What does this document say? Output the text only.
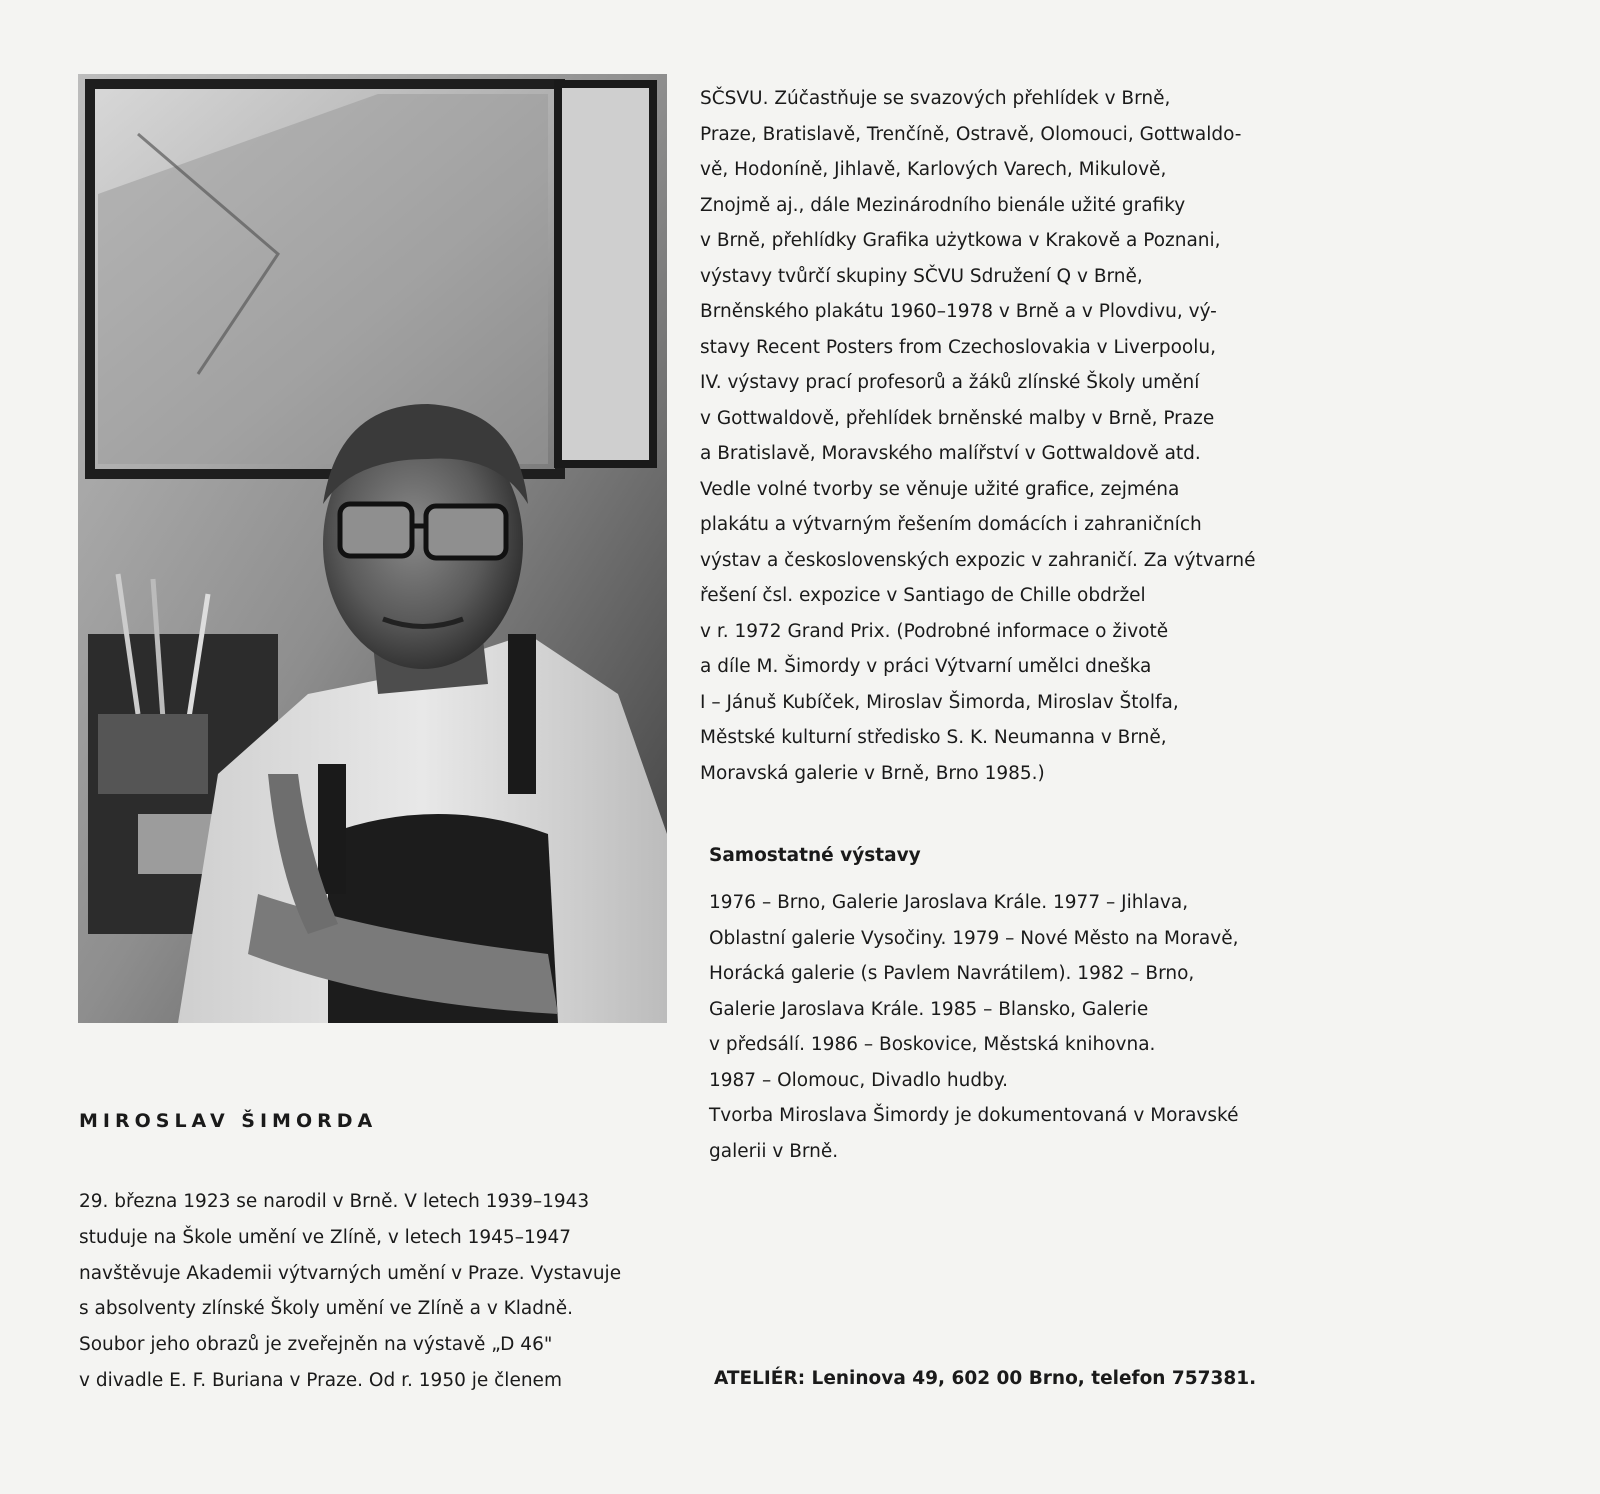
MIROSLAV ŠIMORDA
29. března 1923 se narodil v Brně. V letech 1939–1943
studuje na Škole umění ve Zlíně, v letech 1945–1947
navštěvuje Akademii výtvarných umění v Praze. Vystavuje
s absolventy zlínské Školy umění ve Zlíně a v Kladně.
Soubor jeho obrazů je zveřejněn na výstavě „D 46"
v divadle E. F. Buriana v Praze. Od r. 1950 je členem
SČSVU. Zúčastňuje se svazových přehlídek v Brně,
Praze, Bratislavě, Trenčíně, Ostravě, Olomouci, Gottwaldo-
vě, Hodoníně, Jihlavě, Karlových Varech, Mikulově,
Znojmě aj., dále Mezinárodního bienále užité grafiky
v Brně, přehlídky Grafika użytkowa v Krakově a Poznani,
výstavy tvůrčí skupiny SČVU Sdružení Q v Brně,
Brněnského plakátu 1960–1978 v Brně a v Plovdivu, vý-
stavy Recent Posters from Czechoslovakia v Liverpoolu,
IV. výstavy prací profesorů a žáků zlínské Školy umění
v Gottwaldově, přehlídek brněnské malby v Brně, Praze
a Bratislavě, Moravského malířství v Gottwaldově atd.
Vedle volné tvorby se věnuje užité grafice, zejména
plakátu a výtvarným řešením domácích i zahraničních
výstav a československých expozic v zahraničí. Za výtvarné
řešení čsl. expozice v Santiago de Chille obdržel
v r. 1972 Grand Prix. (Podrobné informace o životě
a díle M. Šimordy v práci Výtvarní umělci dneška
I – Jánuš Kubíček, Miroslav Šimorda, Miroslav Štolfa,
Městské kulturní středisko S. K. Neumanna v Brně,
Moravská galerie v Brně, Brno 1985.)
Samostatné výstavy
1976 – Brno, Galerie Jaroslava Krále. 1977 – Jihlava,
Oblastní galerie Vysočiny. 1979 – Nové Město na Moravě,
Horácká galerie (s Pavlem Navrátilem). 1982 – Brno,
Galerie Jaroslava Krále. 1985 – Blansko, Galerie
v předsálí. 1986 – Boskovice, Městská knihovna.
1987 – Olomouc, Divadlo hudby.
Tvorba Miroslava Šimordy je dokumentovaná v Moravské
galerii v Brně.
ATELIÉR: Leninova 49, 602 00 Brno, telefon 757381.
